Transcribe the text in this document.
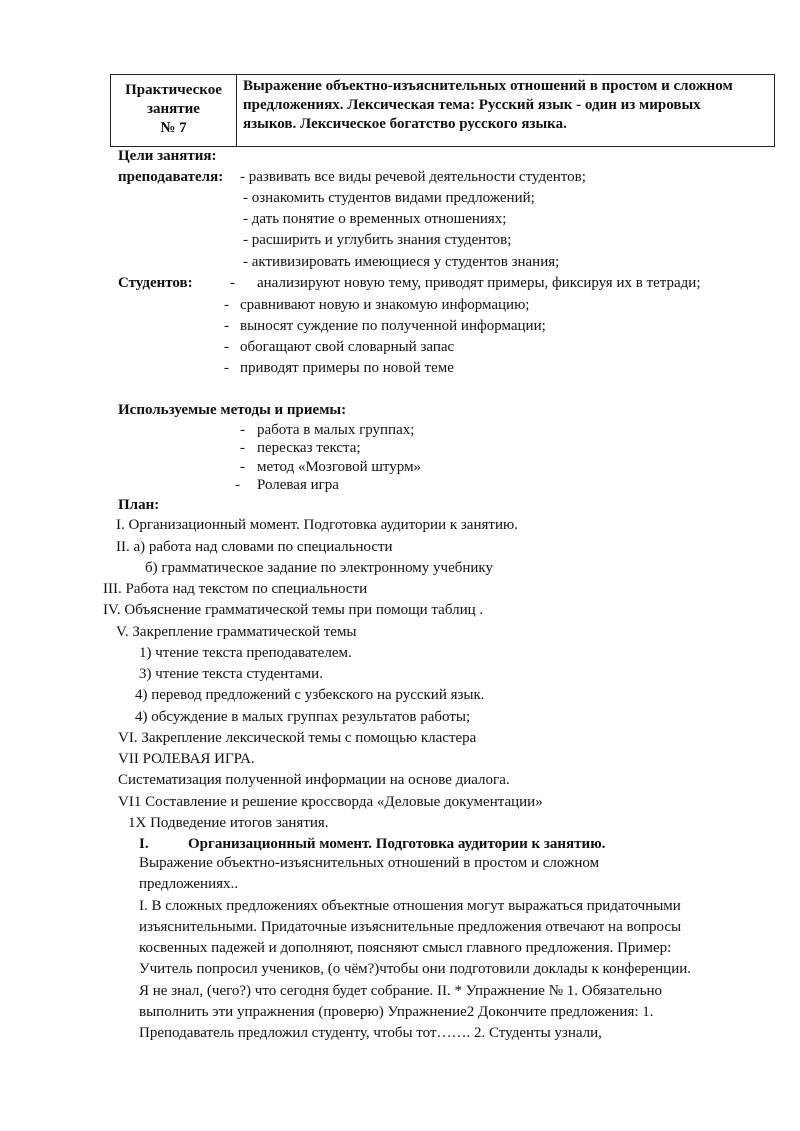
Практическое
занятие
№ 7
Выражение объектно-изъяснительных отношений в простом и сложном
предложениях. Лексическая тема: Русский язык - один из мировых
языков. Лексическое богатство русского языка.
Цели занятия:
преподавателя: - развивать все виды речевой деятельности студентов;
- ознакомить студентов видами предложений;
- дать понятие о временных отношениях;
- расширить и углубить знания студентов;
- активизировать имеющиеся у студентов знания;
Студентов: - анализируют новую тему, приводят примеры, фиксируя их в тетради;
- сравнивают новую и знакомую информацию;
- выносят суждение по полученной информации;
- обогащают свой словарный запас
- приводят примеры по новой теме
Используемые методы и приемы:
- работа в малых группах;
- пересказ текста;
- метод «Мозговой штурм»
- Ролевая игра
План:
I. Организационный момент. Подготовка аудитории к занятию.
II. а) работа над словами по специальности
б) грамматическое задание по электронному учебнику
III. Работа над текстом по специальности
IV. Объяснение грамматической темы при помощи таблиц .
V. Закрепление грамматической темы
1) чтение текста преподавателем.
3) чтение текста студентами.
4) перевод предложений с узбекского на русский язык.
4) обсуждение в малых группах результатов работы;
VI. Закрепление лексической темы с помощью кластера
VII РОЛЕВАЯ ИГРА.
Систематизация полученной информации на основе диалога.
VI1 Составление и решение кроссворда «Деловые документации»
1Х Подведение итогов занятия.
I.	Организационный момент. Подготовка аудитории к занятию.
Выражение объектно-изъяснительных отношений в простом и сложном
предложениях..
I. В сложных предложениях объектные отношения могут выражаться придаточными
изъяснительными. Придаточные изъяснительные предложения отвечают на вопросы
косвенных падежей и дополняют, поясняют смысл главного предложения. Пример:
Учитель попросил учеников, (о чём?)чтобы они подготовили доклады к конференции.
Я не знал, (чего?) что сегодня будет собрание. II. * Упражнение № 1. Обязательно
выполнить эти упражнения (проверю) Упражнение2 Докончите предложения: 1.
Преподаватель предложил студенту, чтобы тот……. 2. Студенты узнали,
